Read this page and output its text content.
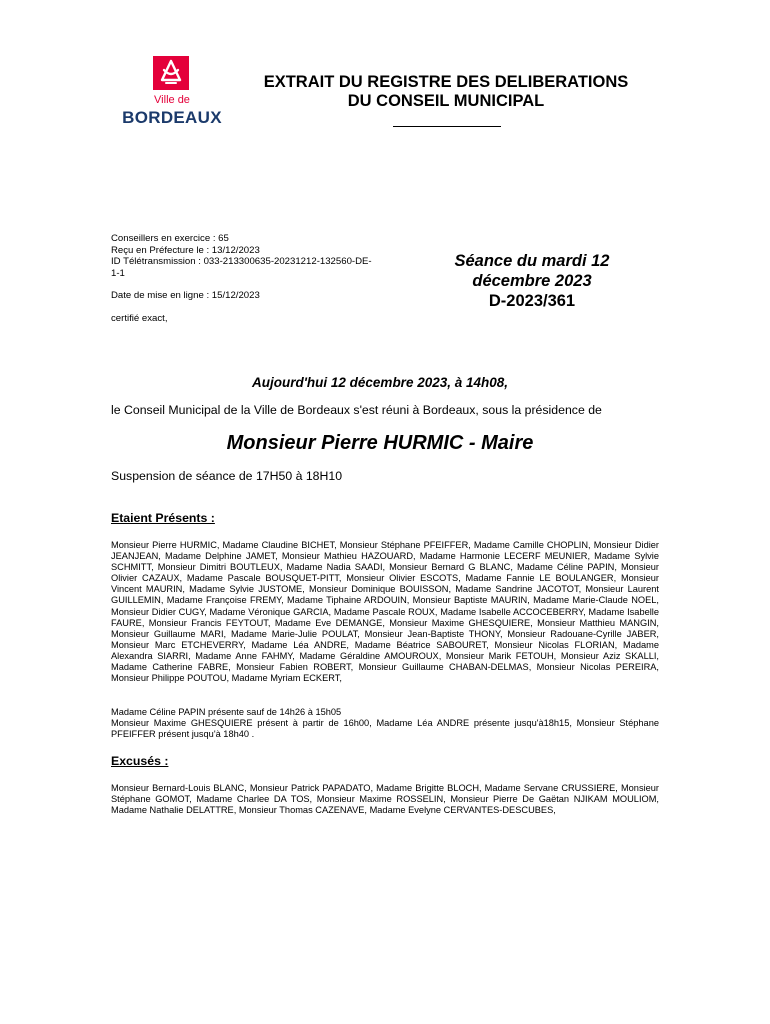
Ville de
BORDEAUX
EXTRAIT DU REGISTRE DES DELIBERATIONS
DU CONSEIL MUNICIPAL
Conseillers en exercice : 65
Reçu en Préfecture le : 13/12/2023
ID Télétransmission : 033-213300635-20231212-132560-DE-
1-1
Date de mise en ligne : 15/12/2023
certifié exact,
Séance du mardi 12
décembre 2023
D-2023/361
Aujourd'hui 12 décembre 2023, à 14h08,
le Conseil Municipal de la Ville de Bordeaux s'est réuni à Bordeaux, sous la présidence de
Monsieur Pierre HURMIC - Maire
Suspension de séance de 17H50 à 18H10
Etaient Présents :
Monsieur Pierre HURMIC, Madame Claudine BICHET, Monsieur Stéphane PFEIFFER, Madame Camille CHOPLIN, Monsieur Didier JEANJEAN, Madame Delphine JAMET, Monsieur Mathieu HAZOUARD, Madame Harmonie LECERF MEUNIER, Madame Sylvie SCHMITT, Monsieur Dimitri BOUTLEUX, Madame Nadia SAADI, Monsieur Bernard G BLANC, Madame Céline PAPIN, Monsieur Olivier CAZAUX, Madame Pascale BOUSQUET-PITT, Monsieur Olivier ESCOTS, Madame Fannie LE BOULANGER, Monsieur Vincent MAURIN, Madame Sylvie JUSTOME, Monsieur Dominique BOUISSON, Madame Sandrine JACOTOT, Monsieur Laurent GUILLEMIN, Madame Françoise FREMY, Madame Tiphaine ARDOUIN, Monsieur Baptiste MAURIN, Madame Marie-Claude NOEL, Monsieur Didier CUGY, Madame Véronique GARCIA, Madame Pascale ROUX, Madame Isabelle ACCOCEBERRY, Madame Isabelle FAURE, Monsieur Francis FEYTOUT, Madame Eve DEMANGE, Monsieur Maxime GHESQUIERE, Monsieur Matthieu MANGIN, Monsieur Guillaume MARI, Madame Marie-Julie POULAT, Monsieur Jean-Baptiste THONY, Monsieur Radouane-Cyrille JABER, Monsieur Marc ETCHEVERRY, Madame Léa ANDRE, Madame Béatrice SABOURET, Monsieur Nicolas FLORIAN, Madame Alexandra SIARRI, Madame Anne FAHMY, Madame Géraldine AMOUROUX, Monsieur Marik FETOUH, Monsieur Aziz SKALLI, Madame Catherine FABRE, Monsieur Fabien ROBERT, Monsieur Guillaume CHABAN-DELMAS, Monsieur Nicolas PEREIRA, Monsieur Philippe POUTOU, Madame Myriam ECKERT,
Madame Céline PAPIN présente sauf de 14h26 à 15h05
Monsieur Maxime GHESQUIERE présent à partir de 16h00, Madame Léa ANDRE présente jusqu'à18h15, Monsieur Stéphane PFEIFFER présent jusqu'à 18h40 .
Excusés :
Monsieur Bernard-Louis BLANC, Monsieur Patrick PAPADATO, Madame Brigitte BLOCH, Madame Servane CRUSSIERE, Monsieur Stéphane GOMOT, Madame Charlee DA TOS, Monsieur Maxime ROSSELIN, Monsieur Pierre De Gaëtan NJIKAM MOULIOM, Madame Nathalie DELATTRE, Monsieur Thomas CAZENAVE, Madame Evelyne CERVANTES-DESCUBES,
